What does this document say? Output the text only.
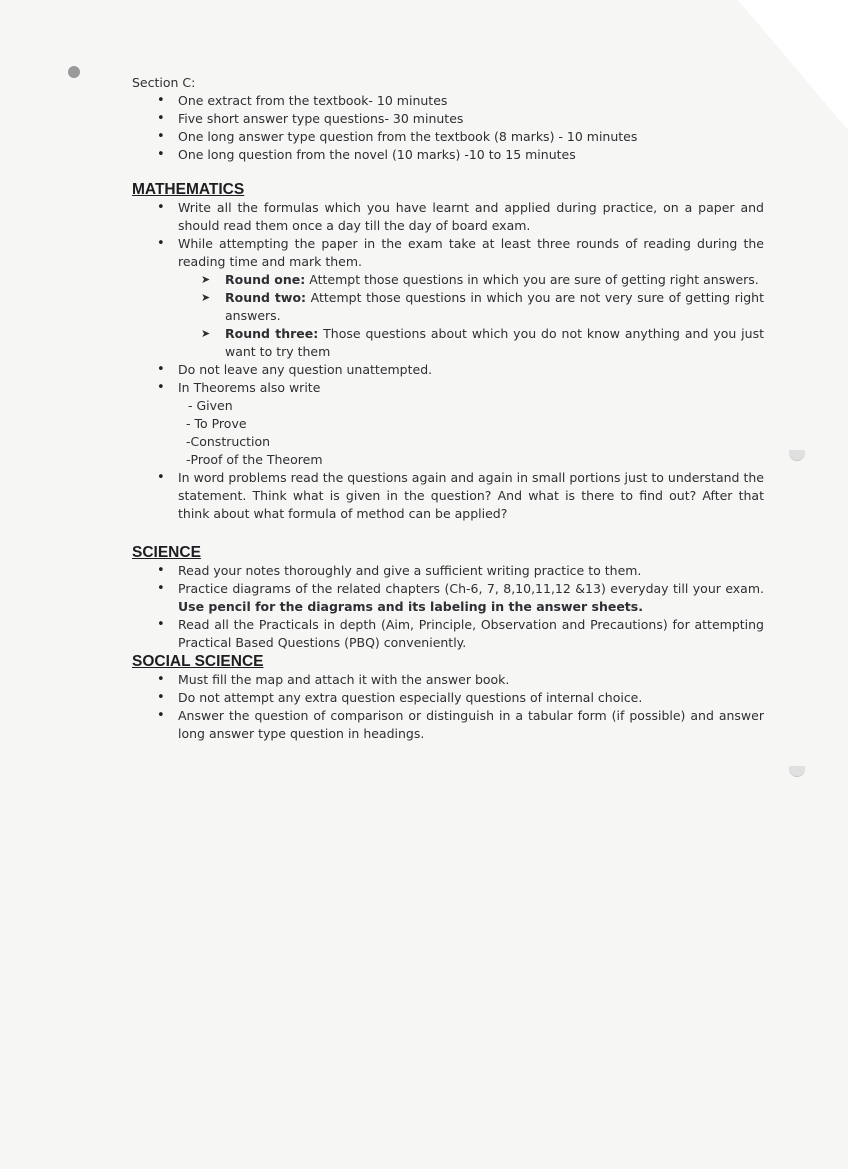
Section C:

• One extract from the textbook- 10 minutes
• Five short answer type questions- 30 minutes
• One long answer type question from the textbook (8 marks) - 10 minutes
• One long question from the novel (10 marks) -10 to 15 minutes

MATHEMATICS

• Write all the formulas which you have learnt and applied during practice, on a paper and should read them once a day till the day of board exam.
• While attempting the paper in the exam take at least three rounds of reading during the reading time and mark them.
➤ Round one: Attempt those questions in which you are sure of getting right answers.
➤ Round two: Attempt those questions in which you are not very sure of getting right answers.
➤ Round three: Those questions about which you do not know anything and you just want to try them
• Do not leave any question unattempted.
• In Theorems also write
- Given
- To Prove
-Construction
-Proof of the Theorem
• In word problems read the questions again and again in small portions just to understand the statement. Think what is given in the question? And what is there to find out? After that think about what formula of method can be applied?

SCIENCE

• Read your notes thoroughly and give a sufficient writing practice to them.
• Practice diagrams of the related chapters (Ch-6, 7, 8,10,11,12 &13) everyday till your exam. Use pencil for the diagrams and its labeling in the answer sheets.
• Read all the Practicals in depth (Aim, Principle, Observation and Precautions) for attempting Practical Based Questions (PBQ) conveniently.

SOCIAL SCIENCE

• Must fill the map and attach it with the answer book.
• Do not attempt any extra question especially questions of internal choice.
• Answer the question of comparison or distinguish in a tabular form (if possible) and answer long answer type question in headings.
